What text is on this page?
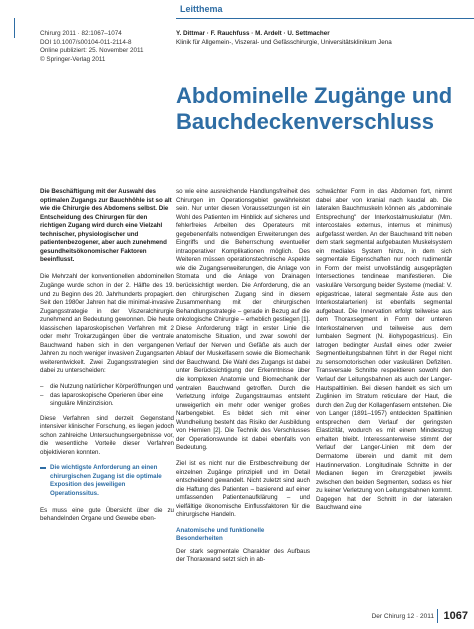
Leitthema
Chirurg 2011 · 82:1067–1074
DOI 10.1007/s00104-011-2114-8
Online publiziert: 25. November 2011
© Springer-Verlag 2011
Y. Dittmar · F. Rauchfuss · M. Ardelt · U. Settmacher
Klinik für Allgemein-, Viszeral- und Gefässchirurgie, Universitätsklinikum Jena
Abdominelle Zugänge und
Bauchdeckenverschluss
Die Beschäftigung mit der Auswahl des optimalen Zugangs zur Bauchhöhle ist so alt wie die Chirurgie des Abdomens selbst. Die Entscheidung des Chirurgen für den richtigen Zugang wird durch eine Vielzahl technischer, physiologischer und patientenbezogener, aber auch zunehmend gesundheitsökonomischer Faktoren beeinflusst.

Die Mehrzahl der konventionellen abdominellen Zugänge wurde schon in der 2. Hälfte des 19. und zu Beginn des 20. Jahrhunderts propagiert. Seit den 1980er Jahren hat die minimal-invasive Zugangsstrategie in der Viszeralchirurgie zunehmend an Bedeutung gewonnen. Die heute klassischen laparoskopischen Verfahren mit 2 oder mehr Trokarzugängen über die ventrale Bauchwand haben sich in den vergangenen Jahren zu noch weniger invasiven Zugangsarten weiterentwickelt. Zwei Zugangsstrategien sind dabei zu unterscheiden:

– die Nutzung natürlicher Körperöffnungen und
– das laparoskopische Operieren über eine singuläre Minizinzision.

Diese Verfahren sind derzeit Gegenstand intensiver klinischer Forschung, es liegen jedoch schon zahlreiche Untersuchungsergebnisse vor, die wesentliche Vorteile dieser Verfahren objektivieren konnten.

Die wichtigste Anforderung an einen chirurgischen Zugang ist die optimale Exposition des jeweiligen Operationssitus.

Es muss eine gute Übersicht über die zu behandelnden Organe und Gewebe eben-

so wie eine ausreichende Handlungsfreiheit des Chirurgen im Operationsgebiet gewährleistet sein. Nur unter diesen Voraussetzungen ist ein Wohl des Patienten im Hinblick auf sicheres und fehlerfreies Arbeiten des Operateurs mit gegebenenfalls notwendigen Erweiterungen des Eingriffs und die Beherrschung eventueller intraoperativer Komplikationen möglich. Des Weiteren müssen operationstechnische Aspekte wie die Zugangserweiterungen, die Anlage von Stomata und die Anlage von Drainagen berücksichtigt werden. Die Anforderung, die an den chirurgischen Zugang sind in diesem Zusammenhang mit der chirurgischen Behandlungsstrategie – gerade in Bezug auf die onkologische Chirurgie – erheblich gestiegen [1]. Diese Anforderung trägt in erster Linie die anatomische Situation, und zwar sowohl der Verlauf der Nerven und Gefäße als auch der Ablauf der Muskelfasern sowie die Biomechanik der Bauchwand. Die Wahl des Zugangs ist dabei unter Berücksichtigung der Erkenntnisse über die komplexen Anatomie und Biomechanik der ventralen Bauchwand getroffen. Durch die Verletzung infolge Zugangstraumas entsteht unweigerlich ein mehr oder weniger großes Narbengebiet. Es bildet sich mit einer Wundheilung besteht das Risiko der Ausbildung von Hernien [2]. Die Technik des Verschlusses der Operationswunde ist dabei ebenfalls von Bedeutung.

Ziel ist es nicht nur die Erstbeschreibung der einzelnen Zugänge prinzipiell und im Detail entscheidend gewandelt. Nicht zuletzt sind auch die Haftung des Patienten – basierend auf einer umfassenden Patientenaufklärung – und vielfältige ökonomische Einflussfaktoren für die chirurgische Handeln.

Anatomische und funktionelle Besonderheiten

Der stark segmentale Charakter des Aufbaus der Thoraxwand setzt sich in ab-

schwächter Form in das Abdomen fort, nimmt dabei aber von kranial nach kaudal ab. Die lateralen Bauchmuskeln können als „abdominale Entsprechung" der Interkostalmuskulatur (Mm. intercostales externus, internus et minimus) aufgefasst werden. An der Bauchwand tritt neben dem stark segmental aufgebauten Muskelsystem ein mediales System hinzu, in dem sich segmentale Eigenschaften nur noch rudimentär in Form der meist unvollständig ausgeprägten Intersectiones tendineae manifestieren. Die vaskuläre Versorgung beider Systeme (medial: V. epigastricae, lateral segmentale Äste aus den Interkostalarterien) ist ebenfalls segmental aufgebaut. Die Innervation erfolgt teilweise aus dem Thoraxsegment in Form der unteren Interkostalnerven und teilweise aus dem lumbalen Segment (N. iliohypogastricus). Ein latrogen bedingter Ausfall eines oder zweier Segmentleitungsbahnen führt in der Regel nicht zu sensomotorischen oder vaskulären Defiziten. Transversale Schnitte respektieren sowohl den Verlauf der Leitungsbahnen als auch der Langer-Hautspaltlinien. Bei diesen handelt es sich um Zuglinien im Stratum reticulare der Haut, die durch den Zug der Kollagenfasern entstehen. Die von Langer (1891–1957) entdeckten Spaltlinien entsprechen dem Verlauf der geringsten Elastizität, wodurch es mit einem Mindestzug erhalten bleibt. Interessanterweise stimmt der Verlauf der Langer-Linien mit dem der Dermatome überein und damit mit dem Hautinnervation. Longitudinale Schnitte in der Medianen liegen im Grenzgebiet jeweils zwischen den beiden Segmenten, sodass es hier zu keiner Verletzung von Leitungsbahnen kommt. Dagegen hat der Schnitt in der lateralen Bauchwand eine

Der Chirurg 12 · 2011 1067
